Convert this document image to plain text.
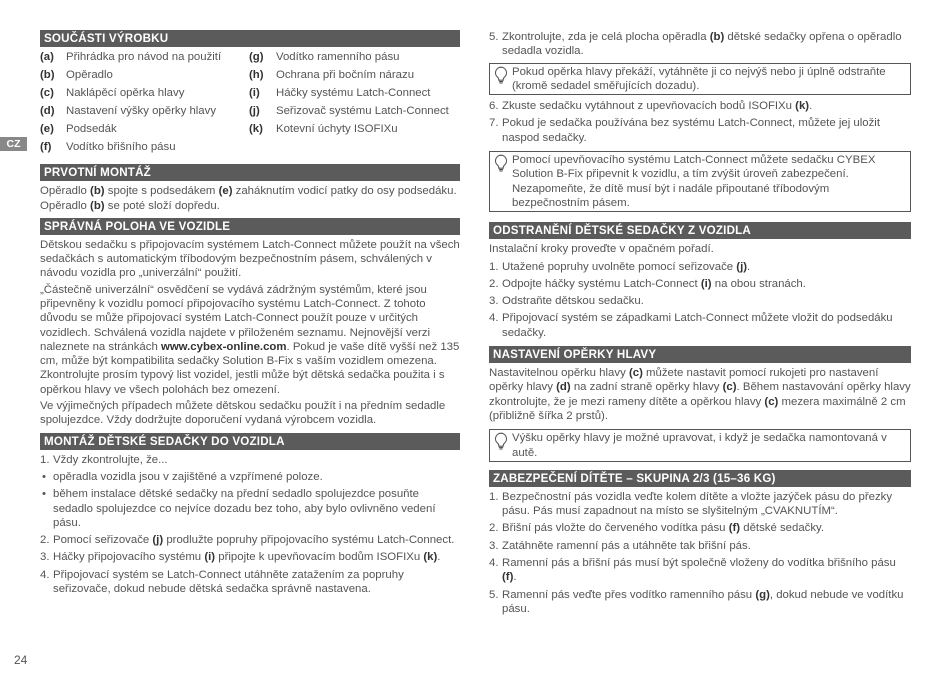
CZ
SOUČÁSTI VÝROBKU
(a)	Přihrádka pro návod na použití	(g)	Vodítko ramenního pásu
(b)	Opěradlo	(h)	Ochrana při bočním nárazu
(c)	Naklápěcí opěrka hlavy	(i)	Háčky systému Latch-Connect
(d)	Nastavení výšky opěrky hlavy	(j)	Seřizovač systému Latch-Connect
(e)	Podsedák	(k)	Kotevní úchyty ISOFIXu
(f)	Vodítko břišního pásu
PRVOTNÍ MONTÁŽ

Opěradlo (b) spojte s podsedákem (e) zaháknutím vodicí patky do osy podsedáku. Opěradlo (b) se poté složí dopředu.

SPRÁVNÁ POLOHA VE VOZIDLE

Dětskou sedačku s připojovacím systémem Latch-Connect můžete použít na všech sedačkách s automatickým tříbodovým bezpečnostním pásem, schválených v návodu vozidla pro „univerzální“ použití.

„Částečně univerzální“ osvědčení se vydává zádržným systémům, které jsou připevněny k vozidlu pomocí připojovacího systému Latch-Connect. Z tohoto důvodu se může připojovací systém Latch-Connect použít pouze v určitých vozidlech. Schválená vozidla najdete v přiloženém seznamu. Nejnovější verzi naleznete na stránkách www.cybex-online.com. Pokud je vaše dítě vyšší než 135 cm, může být kompatibilita sedačky Solution B-Fix s vaším vozidlem omezena. Zkontrolujte prosím typový list vozidel, jestli může být dětská sedačka použita i s opěrkou hlavy ve všech polohách bez omezení.

Ve výjimečných případech můžete dětskou sedačku použít i na předním sedadle spolujezdce. Vždy dodržujte doporučení vydaná výrobcem vozidla.

MONTÁŽ DĚTSKÉ SEDAČKY DO VOZIDLA
1. Vždy zkontrolujte, že...
• opěradla vozidla jsou v zajištěné a vzpřímené poloze.
• během instalace dětské sedačky na přední sedadlo spolujezdce posuňte sedadlo spolujezdce co nejvíce dozadu bez toho, aby bylo ovlivněno vedení pásu.
2. Pomocí seřizovače (j) prodlužte popruhy připojovacího systému Latch-Connect.
3. Háčky připojovacího systému (i) připojte k upevňovacím bodům ISOFIXu (k).
4. Připojovací systém se Latch-Connect utáhněte zatažením za popruhy seřizovače, dokud nebude dětská sedačka správně nastavena.
5. Zkontrolujte, zda je celá plocha opěradla (b) dětské sedačky opřena o opěradlo sedadla vozidla.
Pokud opěrka hlavy překáží, vytáhněte ji co nejvýš nebo ji úplně odstraňte (kromě sedadel směřujících dozadu).
6. Zkuste sedačku vytáhnout z upevňovacích bodů ISOFIXu (k).
7. Pokud je sedačka používána bez systému Latch-Connect, můžete jej uložit naspod sedačky.
Pomocí upevňovacího systému Latch-Connect můžete sedačku CYBEX Solution B-Fix připevnit k vozidlu, a tím zvýšit úroveň zabezpečení. Nezapomeňte, že dítě musí být i nadále připoutané tříbodovým bezpečnostním pásem.
ODSTRANĚNÍ DĚTSKÉ SEDAČKY Z VOZIDLA

Instalační kroky proveďte v opačném pořadí.

1. Utažené popruhy uvolněte pomocí seřizovače (j).
2. Odpojte háčky systému Latch-Connect (i) na obou stranách.
3. Odstraňte dětskou sedačku.
4. Připojovací systém se západkami Latch-Connect můžete vložit do podsedáku sedačky.
NASTAVENÍ OPĚRKY HLAVY

Nastavitelnou opěrku hlavy (c) můžete nastavit pomocí rukojeti pro nastavení opěrky hlavy (d) na zadní straně opěrky hlavy (c). Během nastavování opěrky hlavy zkontrolujte, že je mezi rameny dítěte a opěrkou hlavy (c) mezera maximálně 2 cm (přibližně šířka 2 prstů).

Výšku opěrky hlavy je možné upravovat, i když je sedačka namontovaná v autě.
ZABEZPEČENÍ DÍTĚTE – SKUPINA 2/3 (15–36 KG)
1. Bezpečnostní pás vozidla veďte kolem dítěte a vložte jazýček pásu do přezky pásu. Pás musí zapadnout na místo se slyšitelným „CVAKNUTÍM“.
2. Břišní pás vložte do červeného vodítka pásu (f) dětské sedačky.
3. Zatáhněte ramenní pás a utáhněte tak břišní pás.
4. Ramenní pás a břišní pás musí být společně vloženy do vodítka břišního pásu (f).
5. Ramenní pás veďte přes vodítko ramenního pásu (g), dokud nebude ve vodítku pásu.
24
